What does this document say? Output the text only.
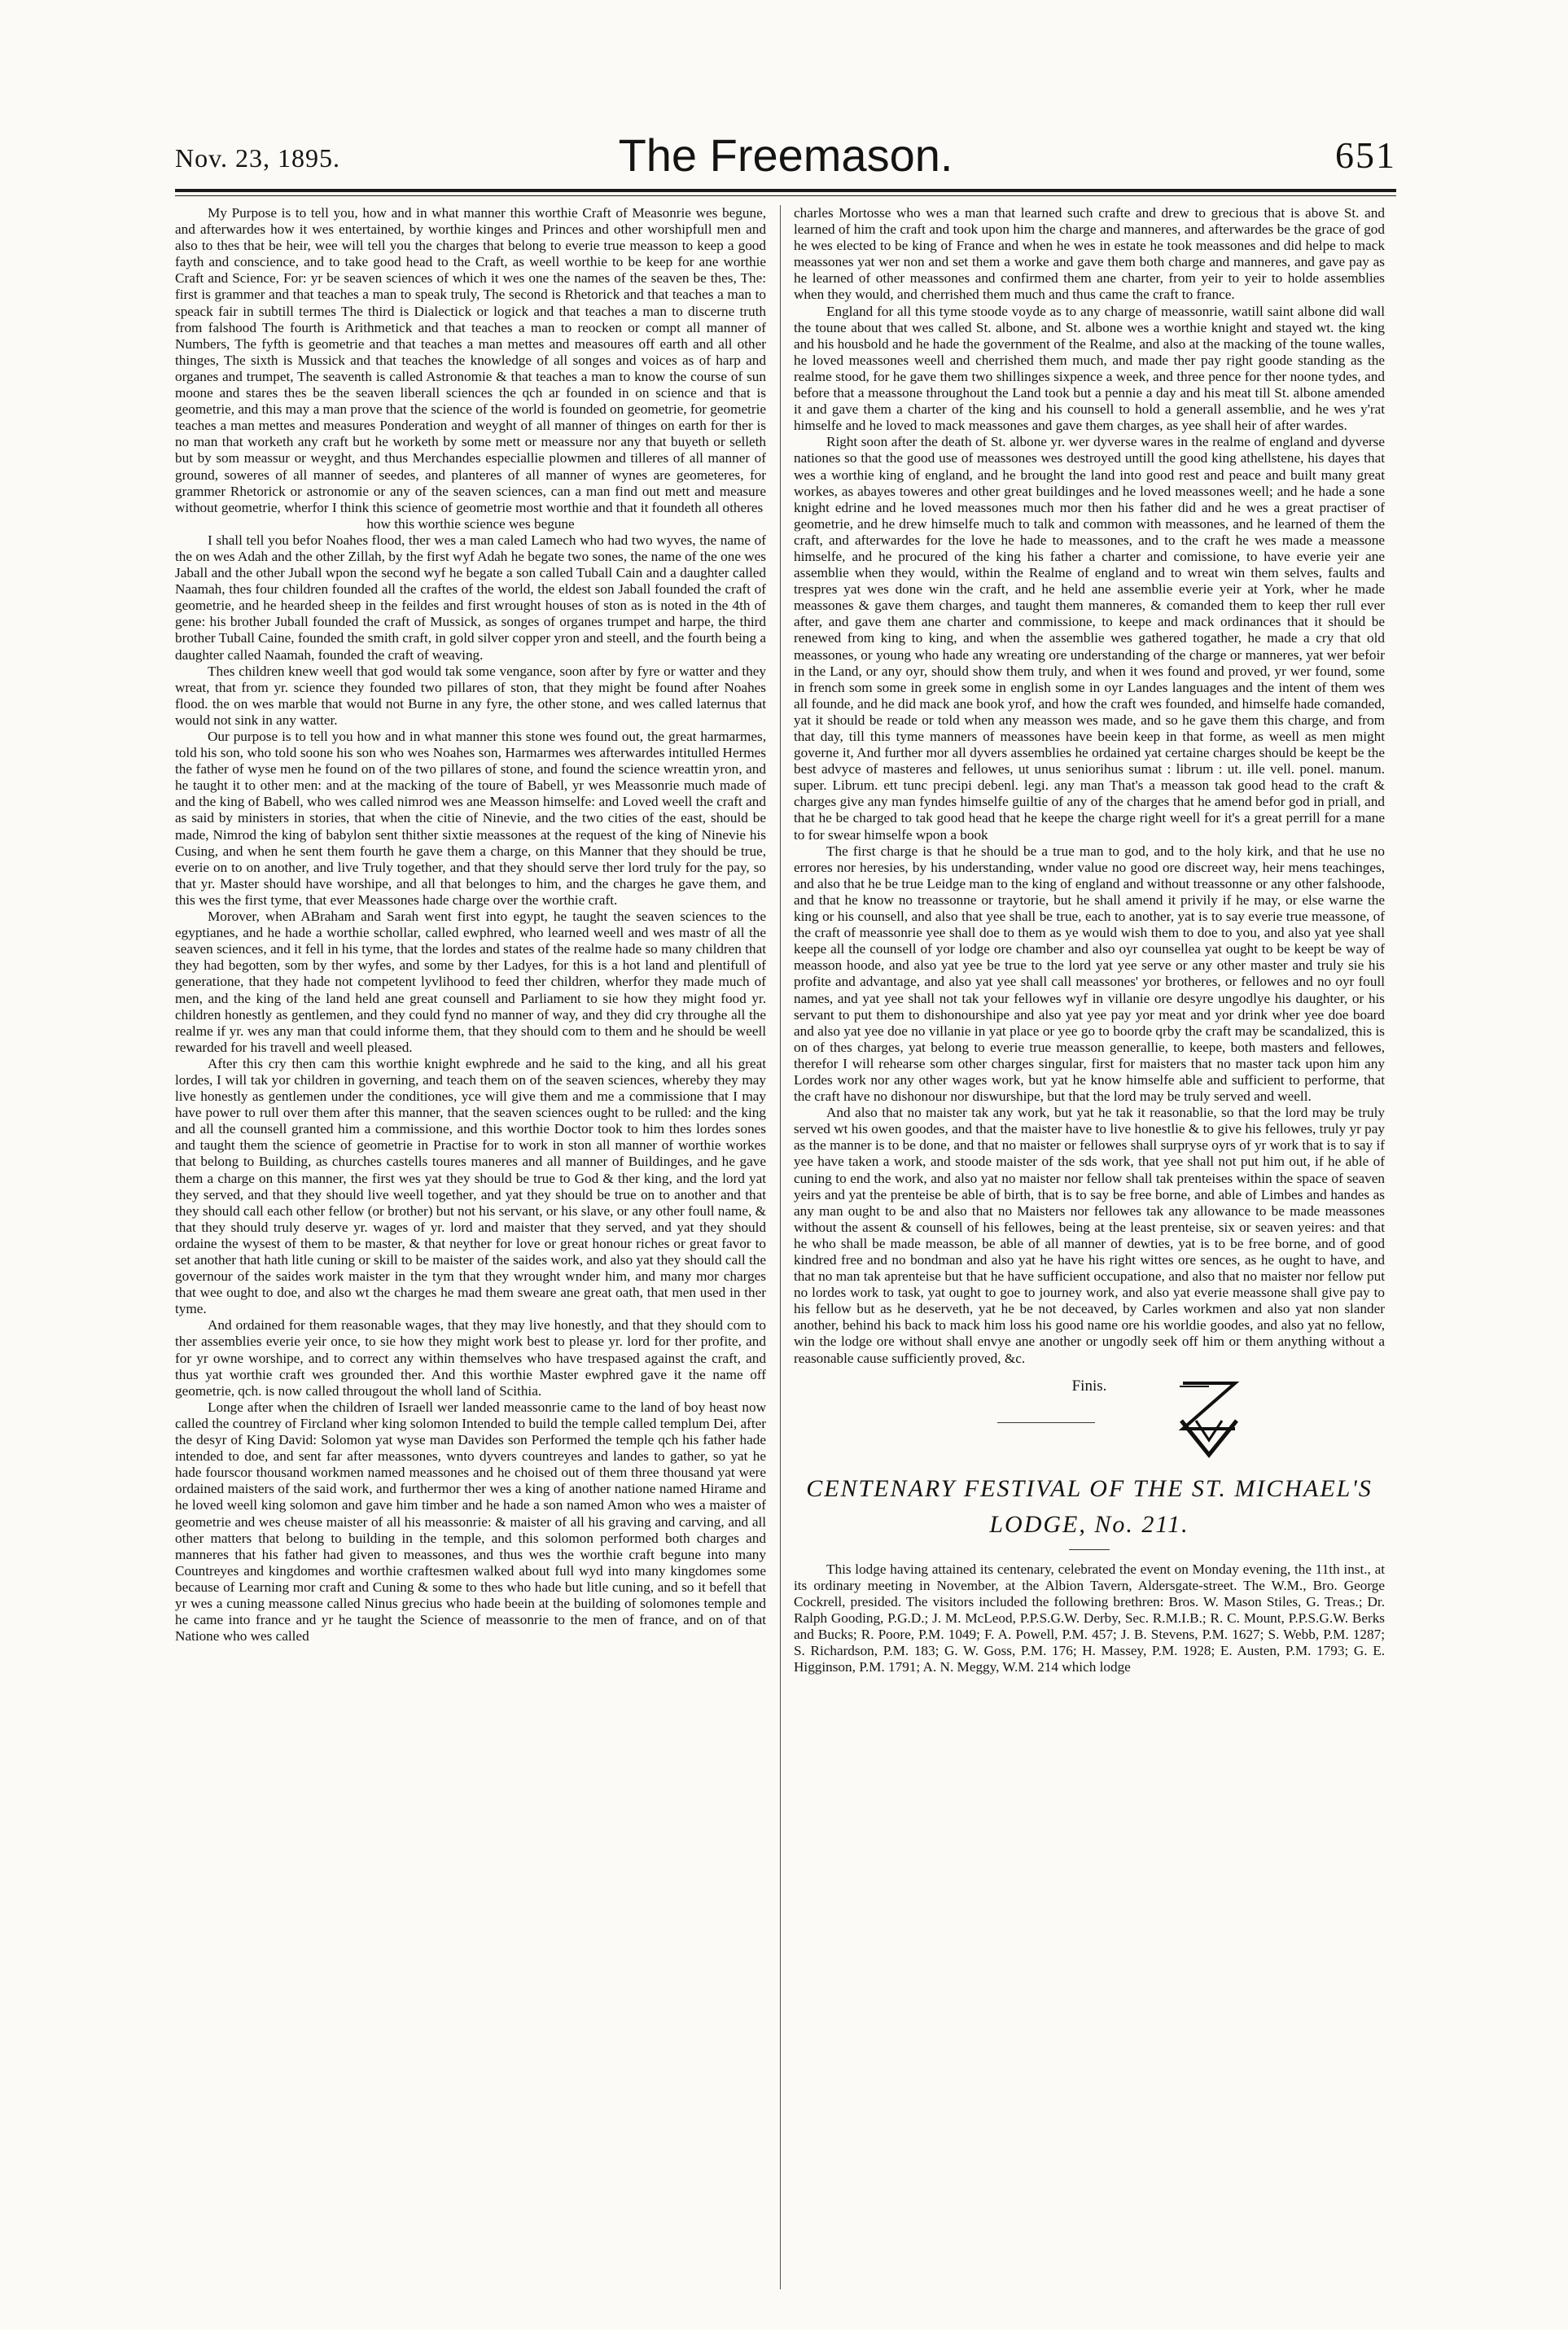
Nov. 23, 1895.	The Freemason.	651

My Purpose is to tell you, how and in what manner this worthie Craft of Measonrie wes begune, and afterwardes how it wes entertained, by worthie kinges and Princes and other worshipfull men and also to thes that be heir, wee will tell you the charges that belong to everie true measson to keep a good fayth and conscience, and to take good head to the Craft, as weell worthie to be keep for ane worthie Craft and Science, For: yr be seaven sciences of which it wes one the names of the seaven be thes, The: first is grammer and that teaches a man to speak truly, The second is Rhetorick and that teaches a man to speack fair in subtill termes The third is Dialectick or logick and that teaches a man to discerne truth from falshood The fourth is Arithmetick and that teaches a man to reocken or compt all manner of Numbers, The fyfth is geometrie and that teaches a man mettes and measoures off earth and all other thinges, The sixth is Mussick and that teaches the knowledge of all songes and voices as of harp and organes and trumpet, The seaventh is called Astronomie & that teaches a man to know the course of sun moone and stares thes be the seaven liberall sciences the qch ar founded in on science and that is geometrie, and this may a man prove that the science of the world is founded on geometrie, for geometrie teaches a man mettes and measures Ponderation and weyght of all manner of thinges on earth for ther is no man that worketh any craft but he worketh by some mett or meassure nor any that buyeth or selleth but by som meassur or weyght, and thus Merchandes especiallie plowmen and tilleres of all manner of ground, soweres of all manner of seedes, and planteres of all manner of wynes are geometeres, for grammer Rhetorick or astronomie or any of the seaven sciences, can a man find out mett and measure without geometrie, wherfor I think this science of geometrie most worthie and that it foundeth all otheres

how this worthie science wes begune

I shall tell you befor Noahes flood, ther wes a man caled Lamech who had two wyves, the name of the on wes Adah and the other Zillah, by the first wyf Adah he begate two sones, the name of the one wes Jaball and the other Juball wpon the second wyf he begate a son called Tuball Cain and a daughter called Naamah, thes four children founded all the craftes of the world, the eldest son Jaball founded the craft of geometrie, and he hearded sheep in the feildes and first wrought houses of ston as is noted in the 4th of gene: his brother Juball founded the craft of Mussick, as songes of organes trumpet and harpe, the third brother Tuball Caine, founded the smith craft, in gold silver copper yron and steell, and the fourth being a daughter called Naamah, founded the craft of weaving.

Thes children knew weell that god would tak some vengance, soon after by fyre or watter and they wreat, that from yr. science they founded two pillares of ston, that they might be found after Noahes flood. the on wes marble that would not Burne in any fyre, the other stone, and wes called laternus that would not sink in any watter.

Our purpose is to tell you how and in what manner this stone wes found out, the great harmarmes, told his son, who told soone his son who wes Noahes son, Harmarmes wes afterwardes intitulled Hermes the father of wyse men he found on of the two pillares of stone, and found the science wreattin yron, and he taught it to other men: and at the macking of the toure of Babell, yr wes Meassonrie much made of and the king of Babell, who wes called nimrod wes ane Measson himselfe: and Loved weell the craft and as said by ministers in stories, that when the citie of Ninevie, and the two cities of the east, should be made, Nimrod the king of babylon sent thither sixtie meassones at the request of the king of Ninevie his Cusing, and when he sent them fourth he gave them a charge, on this Manner that they should be true, everie on to on another, and live Truly together, and that they should serve ther lord truly for the pay, so that yr. Master should have worshipe, and all that belonges to him, and the charges he gave them, and this wes the first tyme, that ever Meassones hade charge over the worthie craft.

Morover, when ABraham and Sarah went first into egypt, he taught the seaven sciences to the egyptianes, and he hade a worthie schollar, called ewphred, who learned weell and wes mastr of all the seaven sciences, and it fell in his tyme, that the lordes and states of the realme hade so many children that they had begotten, som by ther wyfes, and some by ther Ladyes, for this is a hot land and plentifull of generatione, that they hade not competent lyvlihood to feed ther children, wherfor they made much of men, and the king of the land held ane great counsell and Parliament to sie how they might food yr. children honestly as gentlemen, and they could fynd no manner of way, and they did cry throughe all the realme if yr. wes any man that could informe them, that they should com to them and he should be weell rewarded for his travell and weell pleased.

After this cry then cam this worthie knight ewphrede and he said to the king, and all his great lordes, I will tak yor children in governing, and teach them on of the seaven sciences, whereby they may live honestly as gentlemen under the conditiones, yce will give them and me a commissione that I may have power to rull over them after this manner, that the seaven sciences ought to be rulled: and the king and all the counsell granted him a commissione, and this worthie Doctor took to him thes lordes sones and taught them the science of geometrie in Practise for to work in ston all manner of worthie workes that belong to Building, as churches castells toures maneres and all manner of Buildinges, and he gave them a charge on this manner, the first wes yat they should be true to God & ther king, and the lord yat they served, and that they should live weell together, and yat they should be true on to another and that they should call each other fellow (or brother) but not his servant, or his slave, or any other foull name, & that they should truly deserve yr. wages of yr. lord and maister that they served, and yat they should ordaine the wysest of them to be master, & that neyther for love or great honour riches or great favor to set another that hath litle cuning or skill to be maister of the saides work, and also yat they should call the governour of the saides work maister in the tym that they wrought wnder him, and many mor charges that wee ought to doe, and also wt the charges he mad them sweare ane great oath, that men used in ther tyme.

And ordained for them reasonable wages, that they may live honestly, and that they should com to ther assemblies everie yeir once, to sie how they might work best to please yr. lord for ther profite, and for yr owne worshipe, and to correct any within themselves who have trespased against the craft, and thus yat worthie craft wes grounded ther. And this worthie Master ewphred gave it the name off geometrie, qch. is now called througout the wholl land of Scithia.

Longe after when the children of Israell wer landed meassonrie came to the land of boy heast now called the countrey of Fircland wher king solomon Intended to build the temple called templum Dei, after the desyr of King David: Solomon yat wyse man Davides son Performed the temple qch his father hade intended to doe, and sent far after meassones, wnto dyvers countreyes and landes to gather, so yat he hade fourscor thousand workmen named meassones and he choised out of them three thousand yat were ordained maisters of the said work, and furthermor ther wes a king of another natione named Hirame and he loved weell king solomon and gave him timber and he hade a son named Amon who wes a maister of geometrie and wes cheuse maister of all his meassonrie: & maister of all his graving and carving, and all other matters that belong to building in the temple, and this solomon performed both charges and manneres that his father had given to meassones, and thus wes the worthie craft begune into many Countreyes and kingdomes and worthie craftesmen walked about full wyd into many kingdomes some because of Learning mor craft and Cuning & some to thes who hade but litle cuning, and so it befell that yr wes a cuning meassone called Ninus grecius who hade beein at the building of solomones temple and he came into france and yr he taught the Science of meassonrie to the men of france, and on of that Natione who wes called

charles Mortosse who wes a man that learned such crafte and drew to grecious that is above St. and learned of him the craft and took upon him the charge and manneres, and afterwardes be the grace of god he wes elected to be king of France and when he wes in estate he took meassones and did helpe to mack meassones yat wer non and set them a worke and gave them both charge and manneres, and gave pay as he learned of other meassones and confirmed them ane charter, from yeir to yeir to holde assemblies when they would, and cherrished them much and thus came the craft to france.

England for all this tyme stoode voyde as to any charge of meassonrie, watill saint albone did wall the toune about that wes called St. albone, and St. albone wes a worthie knight and stayed wt. the king and his housbold and he hade the government of the Realme, and also at the macking of the toune walles, he loved meassones weell and cherrished them much, and made ther pay right goode standing as the realme stood, for he gave them two shillinges sixpence a week, and three pence for ther noone tydes, and before that a meassone throughout the Land took but a pennie a day and his meat till St. albone amended it and gave them a charter of the king and his counsell to hold a generall assemblie, and he wes y'rat himselfe and he loved to mack meassones and gave them charges, as yee shall heir of after wardes.

Right soon after the death of St. albone yr. wer dyverse wares in the realme of england and dyverse nationes so that the good use of meassones wes destroyed untill the good king athellstene, his dayes that wes a worthie king of england, and he brought the land into good rest and peace and built many great workes, as abayes toweres and other great buildinges and he loved meassones weell; and he hade a sone knight edrine and he loved meassones much mor then his father did and he wes a great practiser of geometrie, and he drew himselfe much to talk and common with meassones, and he learned of them the craft, and afterwardes for the love he hade to meassones, and to the craft he wes made a meassone himselfe, and he procured of the king his father a charter and comissione, to have everie yeir ane assemblie when they would, within the Realme of england and to wreat win them selves, faults and trespres yat wes done win the craft, and he held ane assemblie everie yeir at York, wher he made meassones & gave them charges, and taught them manneres, & comanded them to keep ther rull ever after, and gave them ane charter and commissione, to keepe and mack ordinances that it should be renewed from king to king, and when the assemblie wes gathered togather, he made a cry that old meassones, or young who hade any wreating ore understanding of the charge or manneres, yat wer befoir in the Land, or any oyr, should show them truly, and when it wes found and proved, yr wer found, some in french som some in greek some in english some in oyr Landes languages and the intent of them wes all founde, and he did mack ane book yrof, and how the craft wes founded, and himselfe hade comanded, yat it should be reade or told when any measson wes made, and so he gave them this charge, and from that day, till this tyme manners of meassones have beein keep in that forme, as weell as men might governe it, And further mor all dyvers assemblies he ordained yat certaine charges should be keept be the best advyce of masteres and fellowes, ut unus seniorihus sumat : librum : ut. ille vell. ponel. manum. super. Librum. ett tunc precipi debenl. legi. any man That's a measson tak good head to the craft & charges give any man fyndes himselfe guiltie of any of the charges that he amend befor god in priall, and that he be charged to tak good head that he keepe the charge right weell for it's a great perrill for a mane to for swear himselfe wpon a book

The first charge is that he should be a true man to god, and to the holy kirk, and that he use no errores nor heresies, by his understanding, wnder value no good ore discreet way, heir mens teachinges, and also that he be true Leidge man to the king of england and without treassonne or any other falshoode, and that he know no treassonne or traytorie, but he shall amend it privily if he may, or else warne the king or his counsell, and also that yee shall be true, each to another, yat is to say everie true meassone, of the craft of meassonrie yee shall doe to them as ye would wish them to doe to you, and also yat yee shall keepe all the counsell of yor lodge ore chamber and also oyr counsellea yat ought to be keept be way of measson hoode, and also yat yee be true to the lord yat yee serve or any other master and truly sie his profite and advantage, and also yat yee shall call meassones' yor brotheres, or fellowes and no oyr foull names, and yat yee shall not tak your fellowes wyf in villanie ore desyre ungodlye his daughter, or his servant to put them to dishonourshipe and also yat yee pay yor meat and yor drink wher yee doe board and also yat yee doe no villanie in yat place or yee go to boorde qrby the craft may be scandalized, this is on of thes charges, yat belong to everie true measson generallie, to keepe, both masters and fellowes, therefor I will rehearse som other charges singular, first for maisters that no master tack upon him any Lordes work nor any other wages work, but yat he know himselfe able and sufficient to performe, that the craft have no dishonour nor diswurshipe, but that the lord may be truly served and weell.

And also that no maister tak any work, but yat he tak it reasonablie, so that the lord may be truly served wt his owen goodes, and that the maister have to live honestlie & to give his fellowes, truly yr pay as the manner is to be done, and that no maister or fellowes shall surpryse oyrs of yr work that is to say if yee have taken a work, and stoode maister of the sds work, that yee shall not put him out, if he able of cuning to end the work, and also yat no maister nor fellow shall tak prenteises within the space of seaven yeirs and yat the prenteise be able of birth, that is to say be free borne, and able of Limbes and handes as any man ought to be and also that no Maisters nor fellowes tak any allowance to be made meassones without the assent & counsell of his fellowes, being at the least prenteise, six or seaven yeires: and that he who shall be made measson, be able of all manner of dewties, yat is to be free borne, and of good kindred free and no bondman and also yat he have his right wittes ore sences, as he ought to have, and that no man tak aprenteise but that he have sufficient occupatione, and also that no maister nor fellow put no lordes work to task, yat ought to goe to journey work, and also yat everie meassone shall give pay to his fellow but as he deserveth, yat he be not deceaved, by Carles workmen and also yat non slander another, behind his back to mack him loss his good name ore his worldie goodes, and also yat no fellow, win the lodge ore without shall envye ane another or ungodly seek off him or them anything without a reasonable cause sufficiently proved, &c.

Finis.
CENTENARY FESTIVAL OF THE ST. MICHAEL'S
LODGE, No. 211.

This lodge having attained its centenary, celebrated the event on Monday evening, the 11th inst., at its ordinary meeting in November, at the Albion Tavern, Aldersgate-street. The W.M., Bro. George Cockrell, presided. The visitors included the following brethren: Bros. W. Mason Stiles, G. Treas.; Dr. Ralph Gooding, P.G.D.; J. M. McLeod, P.P.S.G.W. Derby, Sec. R.M.I.B.; R. C. Mount, P.P.S.G.W. Berks and Bucks; R. Poore, P.M. 1049; F. A. Powell, P.M. 457; J. B. Stevens, P.M. 1627; S. Webb, P.M. 1287; S. Richardson, P.M. 183; G. W. Goss, P.M. 176; H. Massey, P.M. 1928; E. Austen, P.M. 1793; G. E. Higginson, P.M. 1791; A. N. Meggy, W.M. 214 which lodge
